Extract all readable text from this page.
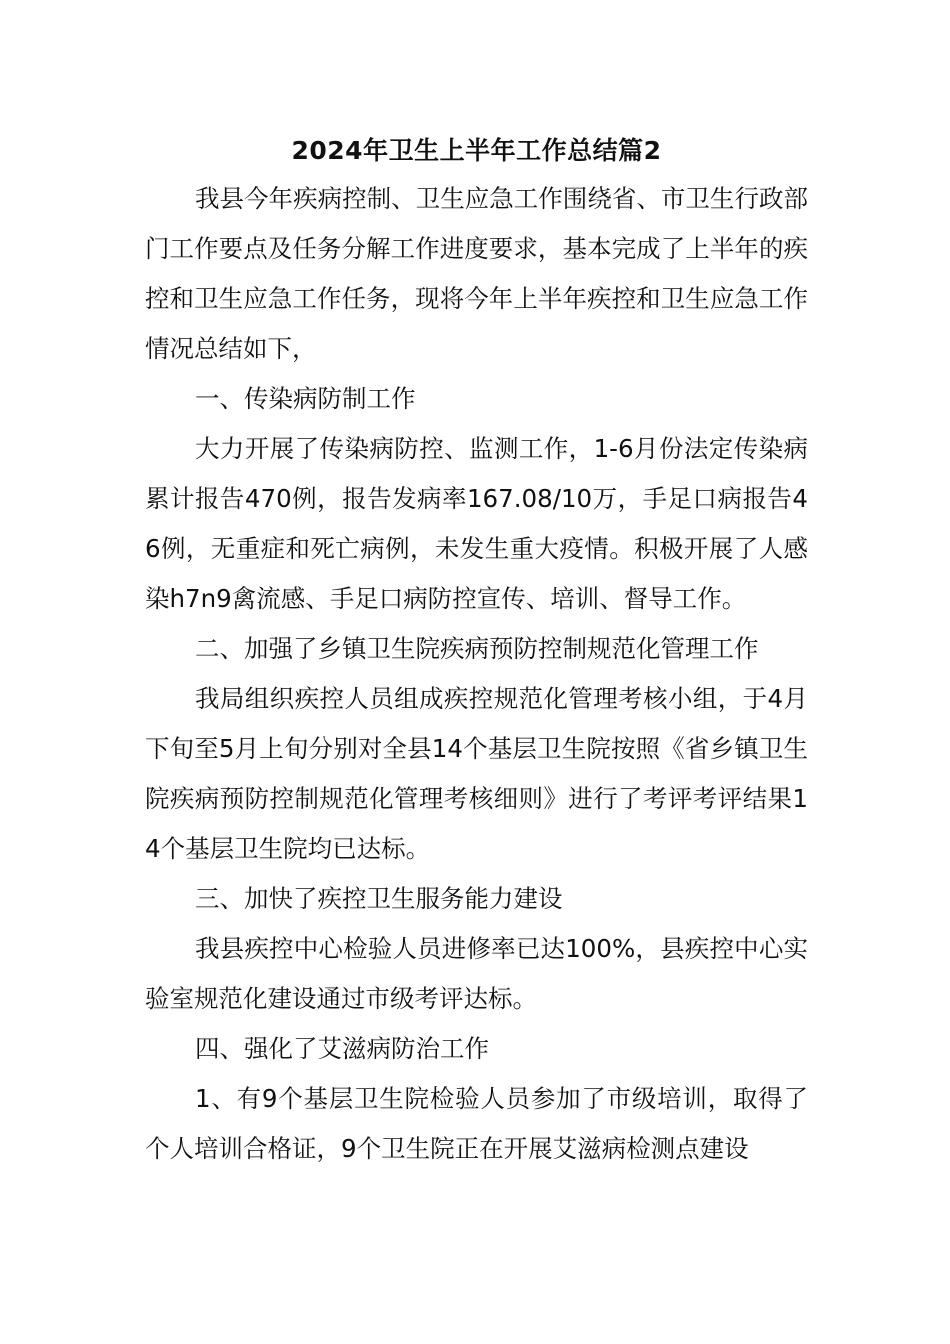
2024年卫生上半年工作总结篇2

我县今年疾病控制、卫生应急工作围绕省、市卫生行政部门工作要点及任务分解工作进度要求，基本完成了上半年的疾控和卫生应急工作任务，现将今年上半年疾控和卫生应急工作情况总结如下，

一、传染病防制工作

大力开展了传染病防控、监测工作，1-6月份法定传染病累计报告470例，报告发病率167.08/10万，手足口病报告46例，无重症和死亡病例，未发生重大疫情。积极开展了人感染h7n9禽流感、手足口病防控宣传、培训、督导工作。

二、加强了乡镇卫生院疾病预防控制规范化管理工作

我局组织疾控人员组成疾控规范化管理考核小组，于4月下旬至5月上旬分别对全县14个基层卫生院按照《省乡镇卫生院疾病预防控制规范化管理考核细则》进行了考评考评结果14个基层卫生院均已达标。

三、加快了疾控卫生服务能力建设

我县疾控中心检验人员进修率已达100%，县疾控中心实验室规范化建设通过市级考评达标。

四、强化了艾滋病防治工作

1、有9个基层卫生院检验人员参加了市级培训，取得了个人培训合格证，9个卫生院正在开展艾滋病检测点建设
